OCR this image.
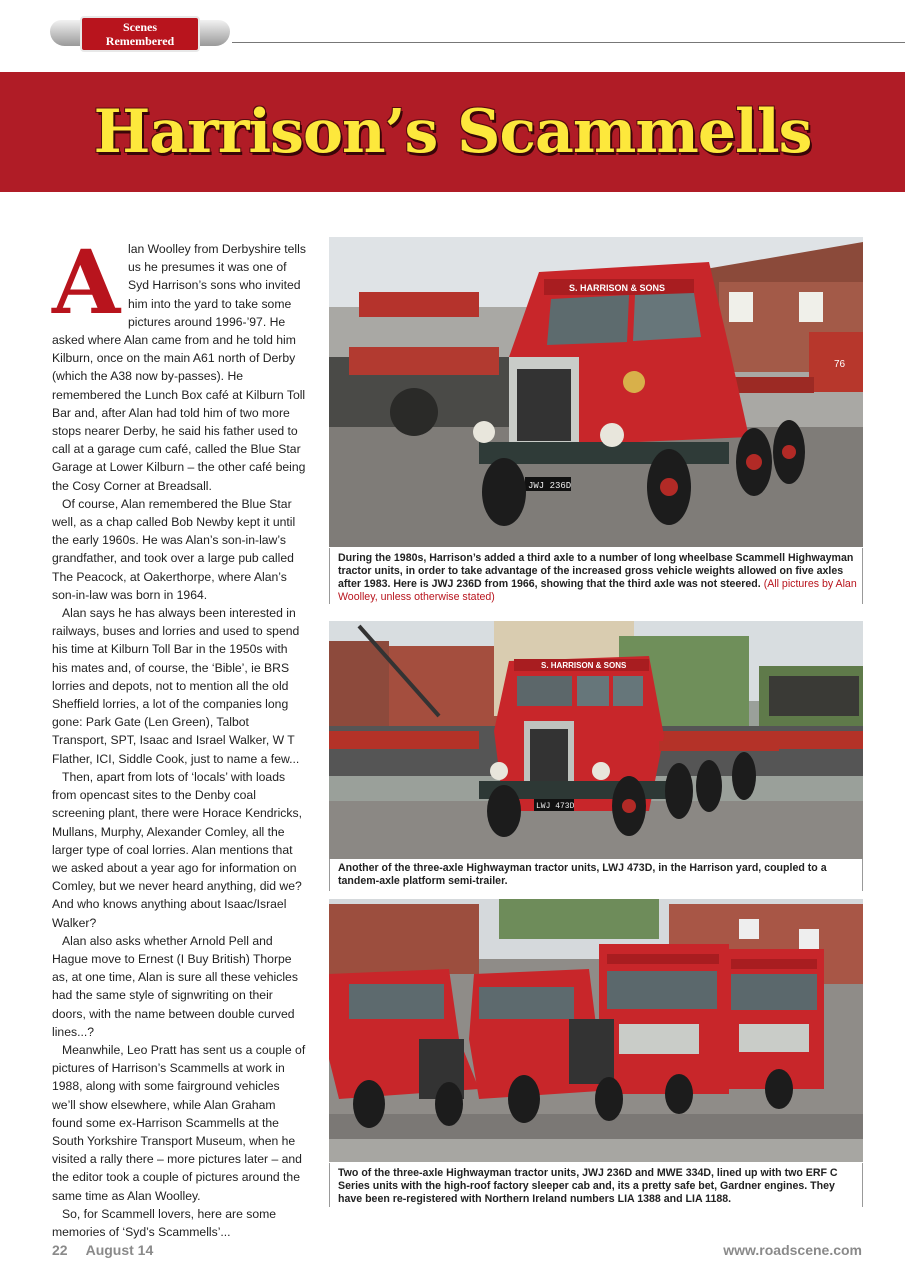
Scenes
Remembered
Harrison’s Scammells
A lan Woolley from Derbyshire tells us he presumes it was one of Syd Harrison’s sons who invited him into the yard to take some pictures around 1996-’97. He asked where Alan came from and he told him Kilburn, once on the main A61 north of Derby (which the A38 now by-passes). He remembered the Lunch Box café at Kilburn Toll Bar and, after Alan had told him of two more stops nearer Derby, he said his father used to call at a garage cum café, called the Blue Star Garage at Lower Kilburn – the other café being the Cosy Corner at Breadsall.

Of course, Alan remembered the Blue Star well, as a chap called Bob Newby kept it until the early 1960s. He was Alan’s son-in-law’s grandfather, and took over a large pub called The Peacock, at Oakerthorpe, where Alan’s son-in-law was born in 1964.

Alan says he has always been interested in railways, buses and lorries and used to spend his time at Kilburn Toll Bar in the 1950s with his mates and, of course, the ‘Bible’, ie BRS lorries and depots, not to mention all the old Sheffield lorries, a lot of the companies long gone: Park Gate (Len Green), Talbot Transport, SPT, Isaac and Israel Walker, W T Flather, ICI, Siddle Cook, just to name a few...

Then, apart from lots of ‘locals’ with loads from opencast sites to the Denby coal screening plant, there were Horace Kendricks, Mullans, Murphy, Alexander Comley, all the larger type of coal lorries. Alan mentions that we asked about a year ago for information on Comley, but we never heard anything, did we? And who knows anything about Isaac/Israel Walker?

Alan also asks whether Arnold Pell and Hague move to Ernest (I Buy British) Thorpe as, at one time, Alan is sure all these vehicles had the same style of signwriting on their doors, with the name between double curved lines...?

Meanwhile, Leo Pratt has sent us a couple of pictures of Harrison’s Scammells at work in 1988, along with some fairground vehicles we’ll show elsewhere, while Alan Graham found some ex-Harrison Scammells at the South Yorkshire Transport Museum, when he visited a rally there – more pictures later – and the editor took a couple of pictures around the same time as Alan Woolley.

So, for Scammell lovers, here are some memories of ‘Syd’s Scammells’...

76
S. HARRISON & SONS
JWJ 236D
During the 1980s, Harrison’s added a third axle to a number of long wheelbase Scammell Highwayman tractor units, in order to take advantage of the increased gross vehicle weights allowed on five axles after 1983. Here is JWJ 236D from 1966, showing that the third axle was not steered. (All pictures by Alan Woolley, unless otherwise stated)
S. HARRISON & SONS
LWJ 473D
Another of the three-axle Highwayman tractor units, LWJ 473D, in the Harrison yard, coupled to a tandem-axle platform semi-trailer.
Two of the three-axle Highwayman tractor units, JWJ 236D and MWE 334D, lined up with two ERF C Series units with the high-roof factory sleeper cab and, its a pretty safe bet, Gardner engines. They have been re-registered with Northern Ireland numbers LIA 1388 and LIA 1188.
22 August 14	www.roadscene.com
